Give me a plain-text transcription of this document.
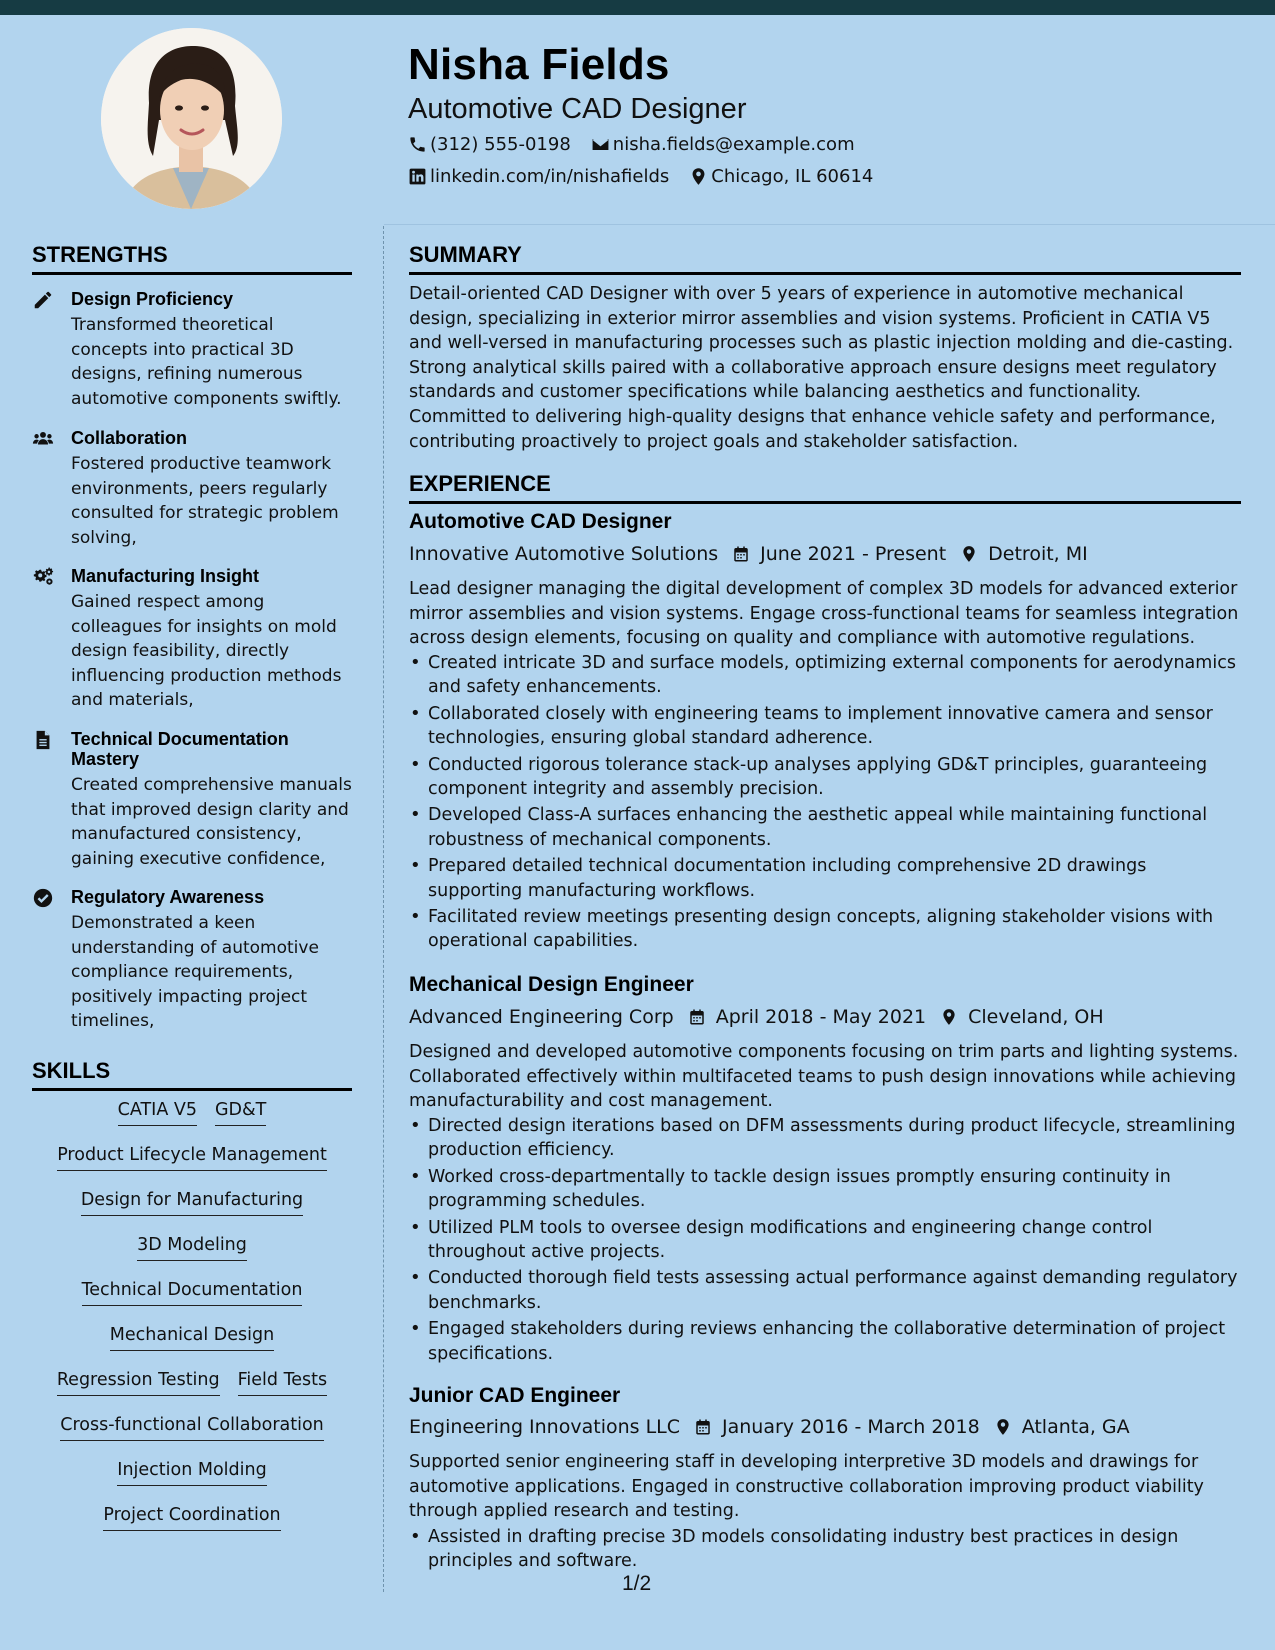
Nisha Fields
Automotive CAD Designer
(312) 555-0198 nisha.fields@example.com
linkedin.com/in/nishafields Chicago, IL 60614
STRENGTHS
Design Proficiency
Transformed theoretical concepts into practical 3D designs, refining numerous automotive components swiftly.
Collaboration
Fostered productive teamwork environments, peers regularly consulted for strategic problem solving,
Manufacturing Insight
Gained respect among colleagues for insights on mold design feasibility, directly influencing production methods and materials,
Technical Documentation Mastery
Created comprehensive manuals that improved design clarity and manufactured consistency, gaining executive confidence,
Regulatory Awareness
Demonstrated a keen understanding of automotive compliance requirements, positively impacting project timelines,
SKILLS
CATIA V5 GD&T
Product Lifecycle Management
Design for Manufacturing
3D Modeling
Technical Documentation
Mechanical Design
Regression Testing Field Tests
Cross-functional Collaboration
Injection Molding
Project Coordination
SUMMARY
Detail-oriented CAD Designer with over 5 years of experience in automotive mechanical design, specializing in exterior mirror assemblies and vision systems. Proficient in CATIA V5 and well-versed in manufacturing processes such as plastic injection molding and die-casting. Strong analytical skills paired with a collaborative approach ensure designs meet regulatory standards and customer specifications while balancing aesthetics and functionality. Committed to delivering high-quality designs that enhance vehicle safety and performance, contributing proactively to project goals and stakeholder satisfaction.
EXPERIENCE
Automotive CAD Designer
Innovative Automotive Solutions June 2021 - Present Detroit, MI
Lead designer managing the digital development of complex 3D models for advanced exterior mirror assemblies and vision systems. Engage cross-functional teams for seamless integration across design elements, focusing on quality and compliance with automotive regulations.
• Created intricate 3D and surface models, optimizing external components for aerodynamics and safety enhancements.
• Collaborated closely with engineering teams to implement innovative camera and sensor technologies, ensuring global standard adherence.
• Conducted rigorous tolerance stack-up analyses applying GD&T principles, guaranteeing component integrity and assembly precision.
• Developed Class-A surfaces enhancing the aesthetic appeal while maintaining functional robustness of mechanical components.
• Prepared detailed technical documentation including comprehensive 2D drawings supporting manufacturing workflows.
• Facilitated review meetings presenting design concepts, aligning stakeholder visions with operational capabilities.
Mechanical Design Engineer
Advanced Engineering Corp April 2018 - May 2021 Cleveland, OH
Designed and developed automotive components focusing on trim parts and lighting systems. Collaborated effectively within multifaceted teams to push design innovations while achieving manufacturability and cost management.
• Directed design iterations based on DFM assessments during product lifecycle, streamlining production efficiency.
• Worked cross-departmentally to tackle design issues promptly ensuring continuity in programming schedules.
• Utilized PLM tools to oversee design modifications and engineering change control throughout active projects.
• Conducted thorough field tests assessing actual performance against demanding regulatory benchmarks.
• Engaged stakeholders during reviews enhancing the collaborative determination of project specifications.
Junior CAD Engineer
Engineering Innovations LLC January 2016 - March 2018 Atlanta, GA
Supported senior engineering staff in developing interpretive 3D models and drawings for automotive applications. Engaged in constructive collaboration improving product viability through applied research and testing.
• Assisted in drafting precise 3D models consolidating industry best practices in design principles and software.
1/2
